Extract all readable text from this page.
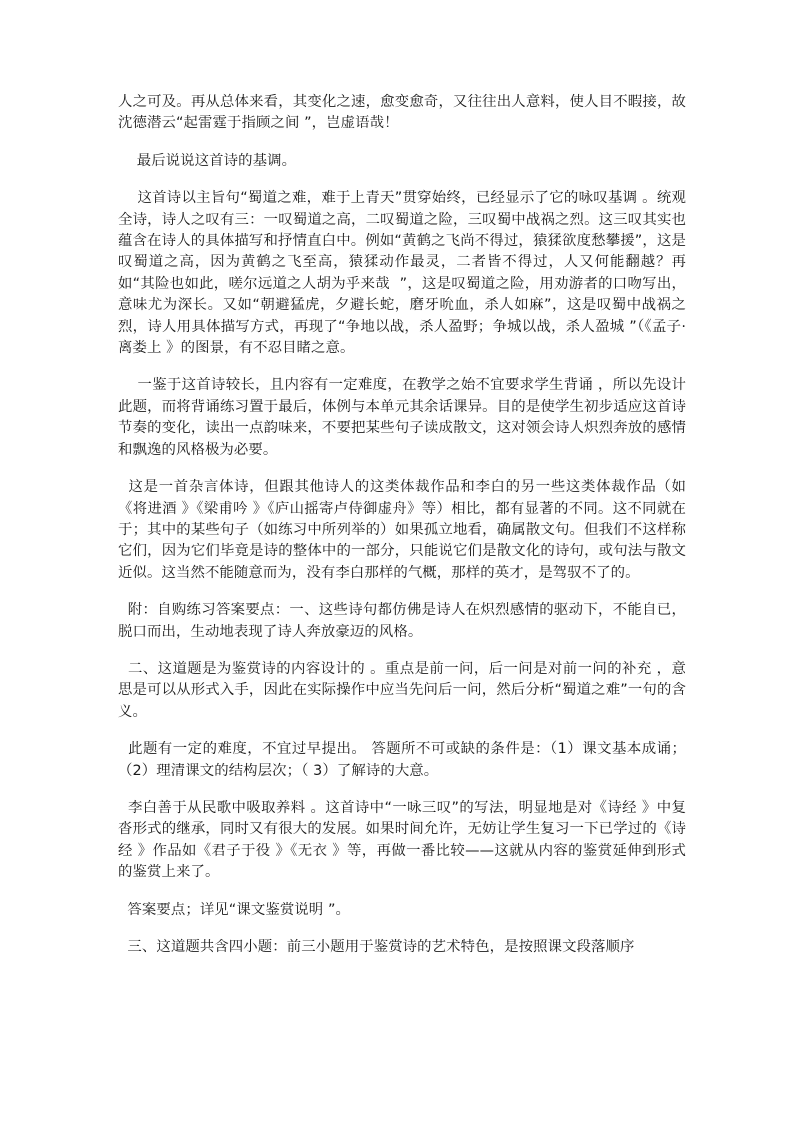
人之可及。再从总体来看，其变化之速，愈变愈奇，又往往出人意料，使人目不暇接，故沈德潜云“起雷霆于指顾之间 ”，岂虚语哉！

最后说说这首诗的基调。

这首诗以主旨句“蜀道之难，难于上青天”贯穿始终，已经显示了它的咏叹基调 。统观全诗，诗人之叹有三：一叹蜀道之高，二叹蜀道之险，三叹蜀中战祸之烈。这三叹其实也蕴含在诗人的具体描写和抒情直白中。例如“黄鹤之飞尚不得过，猿猱欲度愁攀援”，这是叹蜀道之高，因为黄鹤之飞至高，猿猱动作最灵，二者皆不得过，人又何能翻越？再如“其险也如此，嗟尔远道之人胡为乎来哉  ”，这是叹蜀道之险，用劝游者的口吻写出，意味尤为深长。又如“朝避猛虎，夕避长蛇，磨牙吮血，杀人如麻”，这是叹蜀中战祸之烈，诗人用具体描写方式，再现了“争地以战，杀人盈野；争城以战，杀人盈城 ”（《孟子·离娄上 》的图景，有不忍目睹之意。

一鉴于这首诗较长，且内容有一定难度，在教学之始不宜要求学生背诵 ，所以先设计此题，而将背诵练习置于最后，体例与本单元其余话课异。目的是使学生初步适应这首诗节奏的变化，读出一点韵味来，不要把某些句子读成散文，这对领会诗人炽烈奔放的感情和飘逸的风格极为必要。

这是一首杂言体诗，但跟其他诗人的这类体裁作品和李白的另一些这类体裁作品（如《将进酒 》《梁甫吟 》《庐山摇寄卢侍御虚舟》等）相比，都有显著的不同。这不同就在于；其中的某些句子（如练习中所列举的）如果孤立地看，确属散文句。但我们不这样称它们，因为它们毕竟是诗的整体中的一部分，只能说它们是散文化的诗句，或句法与散文近似。这当然不能随意而为，没有李白那样的气概，那样的英才，是驾驭不了的。

附：自购练习答案要点：一、这些诗句都仿佛是诗人在炽烈感情的驱动下，不能自已，脱口而出，生动地表现了诗人奔放豪迈的风格。

二、这道题是为鉴赏诗的内容设计的 。重点是前一问，后一问是对前一问的补充 ，意思是可以从形式入手，因此在实际操作中应当先问后一问，然后分析“蜀道之难”一句的含义。

此题有一定的难度，不宜过早提出。 答题所不可或缺的条件是：（1）课文基本成诵；（2）理清课文的结构层次；（ 3）了解诗的大意。

李白善于从民歌中吸取养料 。这首诗中“一咏三叹”的写法，明显地是对《诗经 》中复沓形式的继承，同时又有很大的发展。如果时间允许，无妨让学生复习一下已学过的《诗经 》作品如《君子于役 》《无衣 》等，再做一番比较——这就从内容的鉴赏延伸到形式的鉴赏上来了。

答案要点；详见“课文鉴赏说明 ”。

三、这道题共含四小题：前三小题用于鉴赏诗的艺术特色，是按照课文段落顺序
